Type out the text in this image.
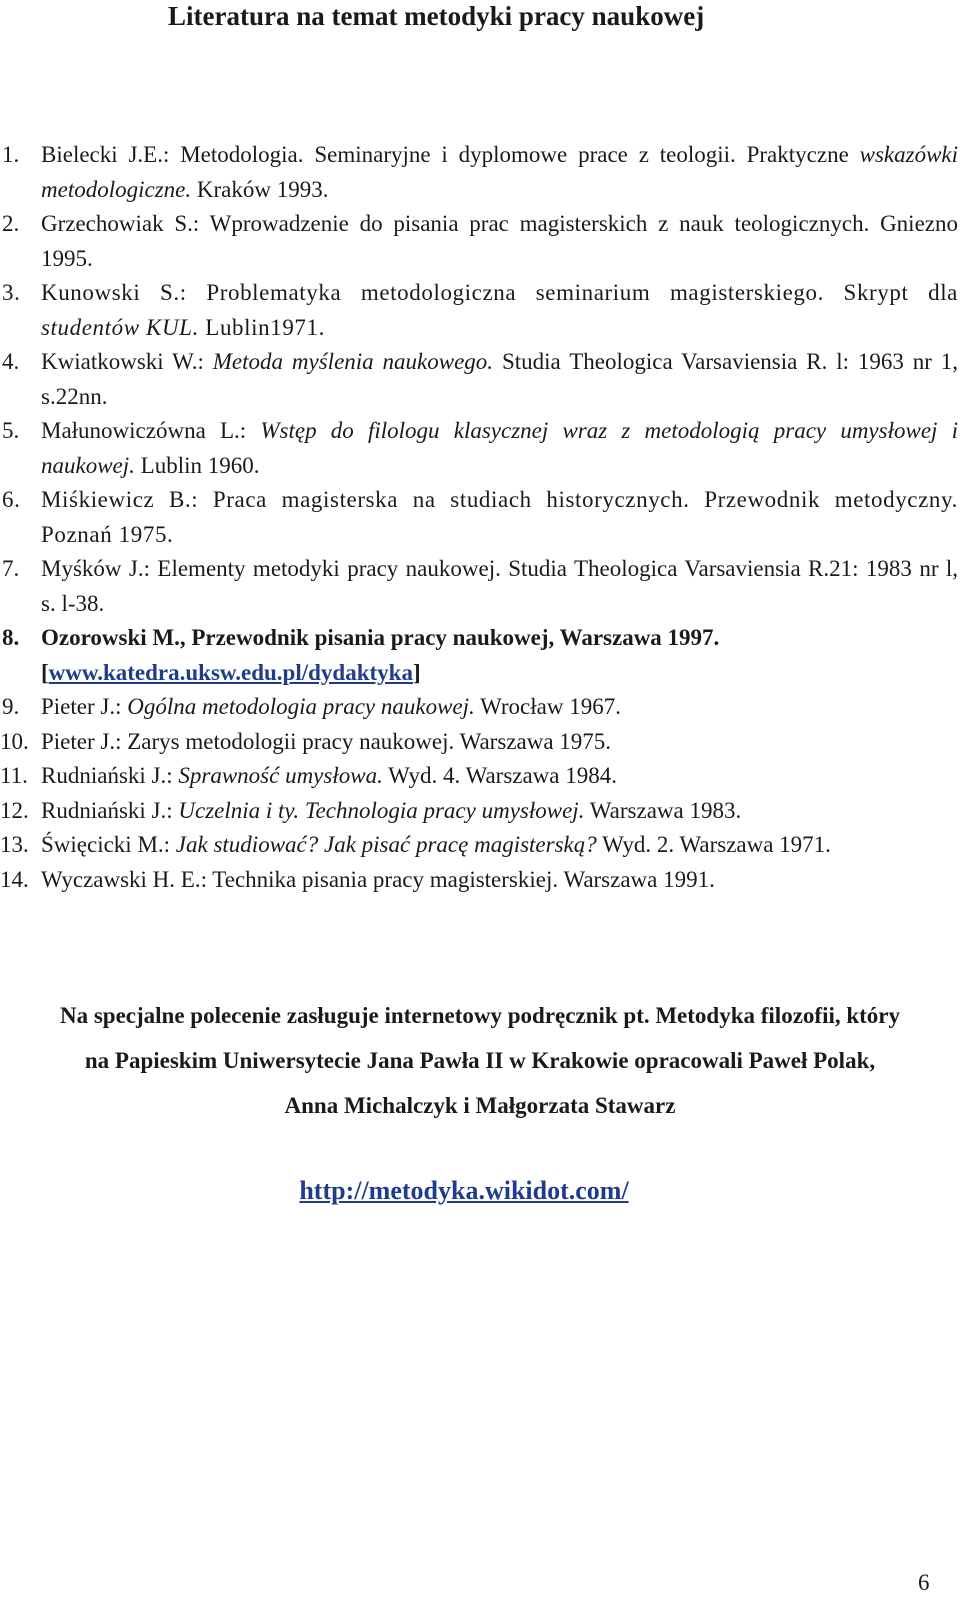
Literatura na temat metodyki pracy naukowej
1. Bielecki J.E.: Metodologia. Seminaryjne i dyplomowe prace z teologii. Praktyczne wskazówki metodologiczne. Kraków 1993.
2. Grzechowiak S.: Wprowadzenie do pisania prac magisterskich z nauk teologicznych. Gniezno 1995.
3. Kunowski S.: Problematyka metodologiczna seminarium magisterskiego. Skrypt dla studentów KUL. Lublin1971.
4. Kwiatkowski W.: Metoda myślenia naukowego. Studia Theologica Varsaviensia R. l: 1963 nr 1, s.22nn.
5. Małunowiczówna L.: Wstęp do filologu klasycznej wraz z metodologią pracy umysłowej i naukowej. Lublin 1960.
6. Miśkiewicz B.: Praca magisterska na studiach historycznych. Przewodnik metodyczny. Poznań 1975.
7. Myśków J.: Elementy metodyki pracy naukowej. Studia Theologica Varsaviensia R.21: 1983 nr l, s. l-38.
8. Ozorowski M., Przewodnik pisania pracy naukowej, Warszawa 1997.
[www.katedra.uksw.edu.pl/dydaktyka]
9. Pieter J.: Ogólna metodologia pracy naukowej. Wrocław 1967.
10. Pieter J.: Zarys metodologii pracy naukowej. Warszawa 1975.
11. Rudniański J.: Sprawność umysłowa. Wyd. 4. Warszawa 1984.
12. Rudniański J.: Uczelnia i ty. Technologia pracy umysłowej. Warszawa 1983.
13. Święcicki M.: Jak studiować? Jak pisać pracę magisterską? Wyd. 2. Warszawa 1971.
14. Wyczawski H. E.: Technika pisania pracy magisterskiej. Warszawa 1991.

Na specjalne polecenie zasługuje internetowy podręcznik pt. Metodyka filozofii, który
na Papieskim Uniwersytecie Jana Pawła II w Krakowie opracowali Paweł Polak,
Anna Michalczyk i Małgorzata Stawarz

http://metodyka.wikidot.com/
6
